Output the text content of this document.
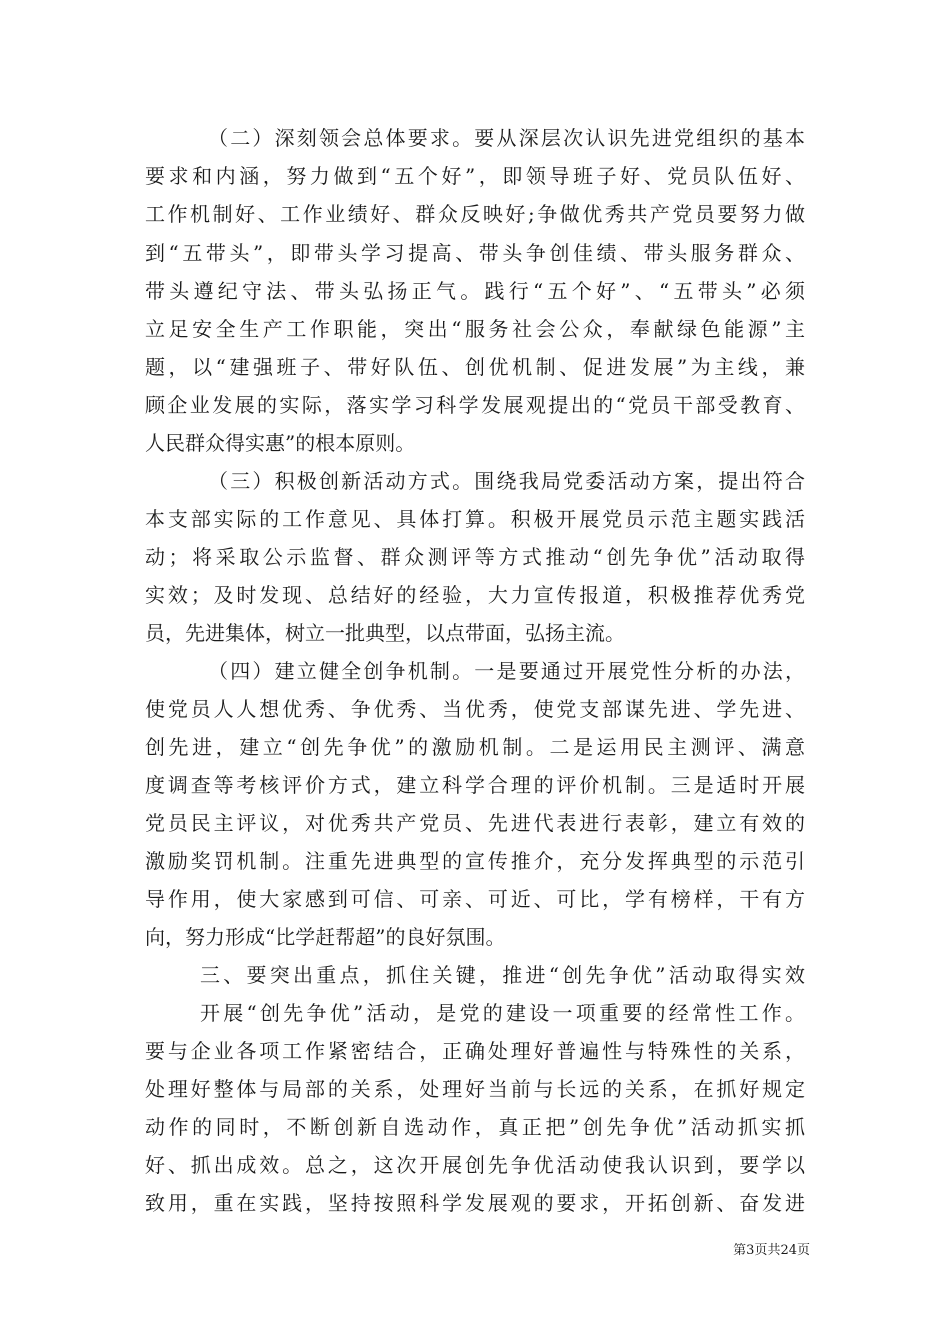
（二）深刻领会总体要求。要从深层次认识先进党组织的基本
要求和内涵，努力做到“五个好”，即领导班子好、党员队伍好、
工作机制好、工作业绩好、群众反映好;争做优秀共产党员要努力做
到“五带头”，即带头学习提高、带头争创佳绩、带头服务群众、
带头遵纪守法、带头弘扬正气。践行“五个好”、“五带头”必须
立足安全生产工作职能，突出“服务社会公众，奉献绿色能源”主
题，以“建强班子、带好队伍、创优机制、促进发展”为主线，兼
顾企业发展的实际，落实学习科学发展观提出的“党员干部受教育、
人民群众得实惠”的根本原则。
（三）积极创新活动方式。围绕我局党委活动方案，提出符合
本支部实际的工作意见、具体打算。积极开展党员示范主题实践活
动；将采取公示监督、群众测评等方式推动“创先争优”活动取得
实效；及时发现、总结好的经验，大力宣传报道，积极推荐优秀党
员，先进集体，树立一批典型，以点带面，弘扬主流。
（四）建立健全创争机制。一是要通过开展党性分析的办法，
使党员人人想优秀、争优秀、当优秀，使党支部谋先进、学先进、
创先进，建立“创先争优”的激励机制。二是运用民主测评、满意
度调查等考核评价方式，建立科学合理的评价机制。三是适时开展
党员民主评议，对优秀共产党员、先进代表进行表彰，建立有效的
激励奖罚机制。注重先进典型的宣传推介，充分发挥典型的示范引
导作用，使大家感到可信、可亲、可近、可比，学有榜样，干有方
向，努力形成“比学赶帮超”的良好氛围。
三、要突出重点，抓住关键，推进“创先争优”活动取得实效
开展“创先争优”活动，是党的建设一项重要的经常性工作。
要与企业各项工作紧密结合，正确处理好普遍性与特殊性的关系，
处理好整体与局部的关系，处理好当前与长远的关系，在抓好规定
动作的同时，不断创新自选动作，真正把”创先争优”活动抓实抓
好、抓出成效。总之，这次开展创先争优活动使我认识到，要学以
致用，重在实践，坚持按照科学发展观的要求，开拓创新、奋发进
第3页共24页
